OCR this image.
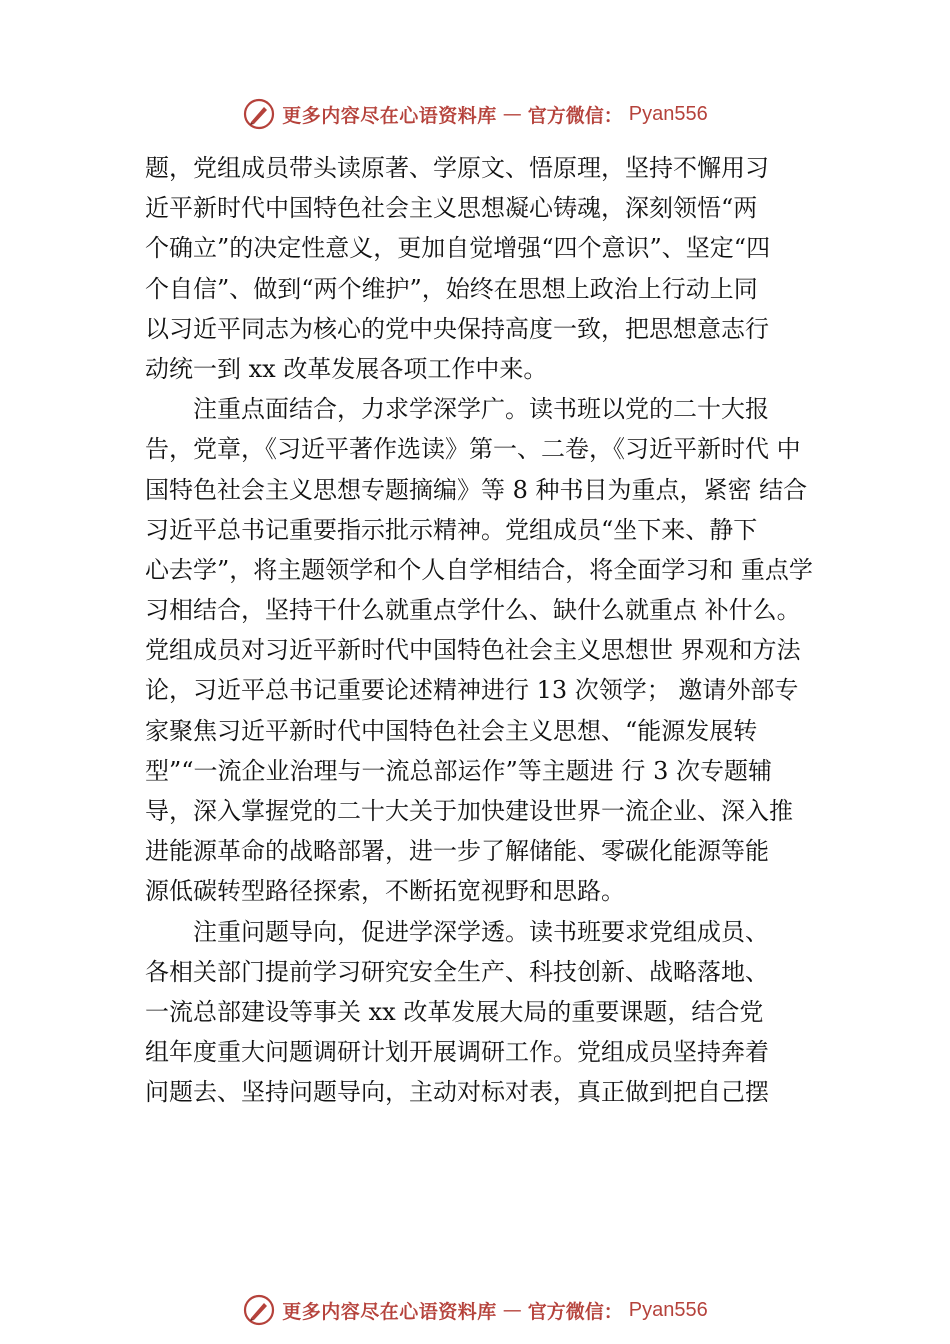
更多内容尽在心语资料库 — 官方微信： Pyan556
题，党组成员带头读原著、学原文、悟原理，坚持不懈用习
近平新时代中国特色社会主义思想凝心铸魂，深刻领悟“两
个确立”的决定性意义，更加自觉增强“四个意识”、坚定“四
个自信”、做到“两个维护”，始终在思想上政治上行动上同
以习近平同志为核心的党中央保持高度一致，把思想意志行
动统一到 xx 改革发展各项工作中来。
注重点面结合，力求学深学广。读书班以党的二十大报
告，党章，《习近平著作选读》第一、二卷，《习近平新时代 中
国特色社会主义思想专题摘编》等 8 种书目为重点，紧密 结合
习近平总书记重要指示批示精神。党组成员“坐下来、静下
心去学”，将主题领学和个人自学相结合，将全面学习和 重点学
习相结合，坚持干什么就重点学什么、缺什么就重点 补什么。
党组成员对习近平新时代中国特色社会主义思想世 界观和方法
论，习近平总书记重要论述精神进行 13 次领学； 邀请外部专
家聚焦习近平新时代中国特色社会主义思想、“能源发展转
型”“一流企业治理与一流总部运作”等主题进 行 3 次专题辅
导，深入掌握党的二十大关于加快建设世界一流企业、深入推
进能源革命的战略部署，进一步了解储能、零碳化能源等能
源低碳转型路径探索，不断拓宽视野和思路。
注重问题导向，促进学深学透。读书班要求党组成员、
各相关部门提前学习研究安全生产、科技创新、战略落地、
一流总部建设等事关 xx 改革发展大局的重要课题，结合党
组年度重大问题调研计划开展调研工作。党组成员坚持奔着
问题去、坚持问题导向，主动对标对表，真正做到把自己摆
更多内容尽在心语资料库 — 官方微信： Pyan556
